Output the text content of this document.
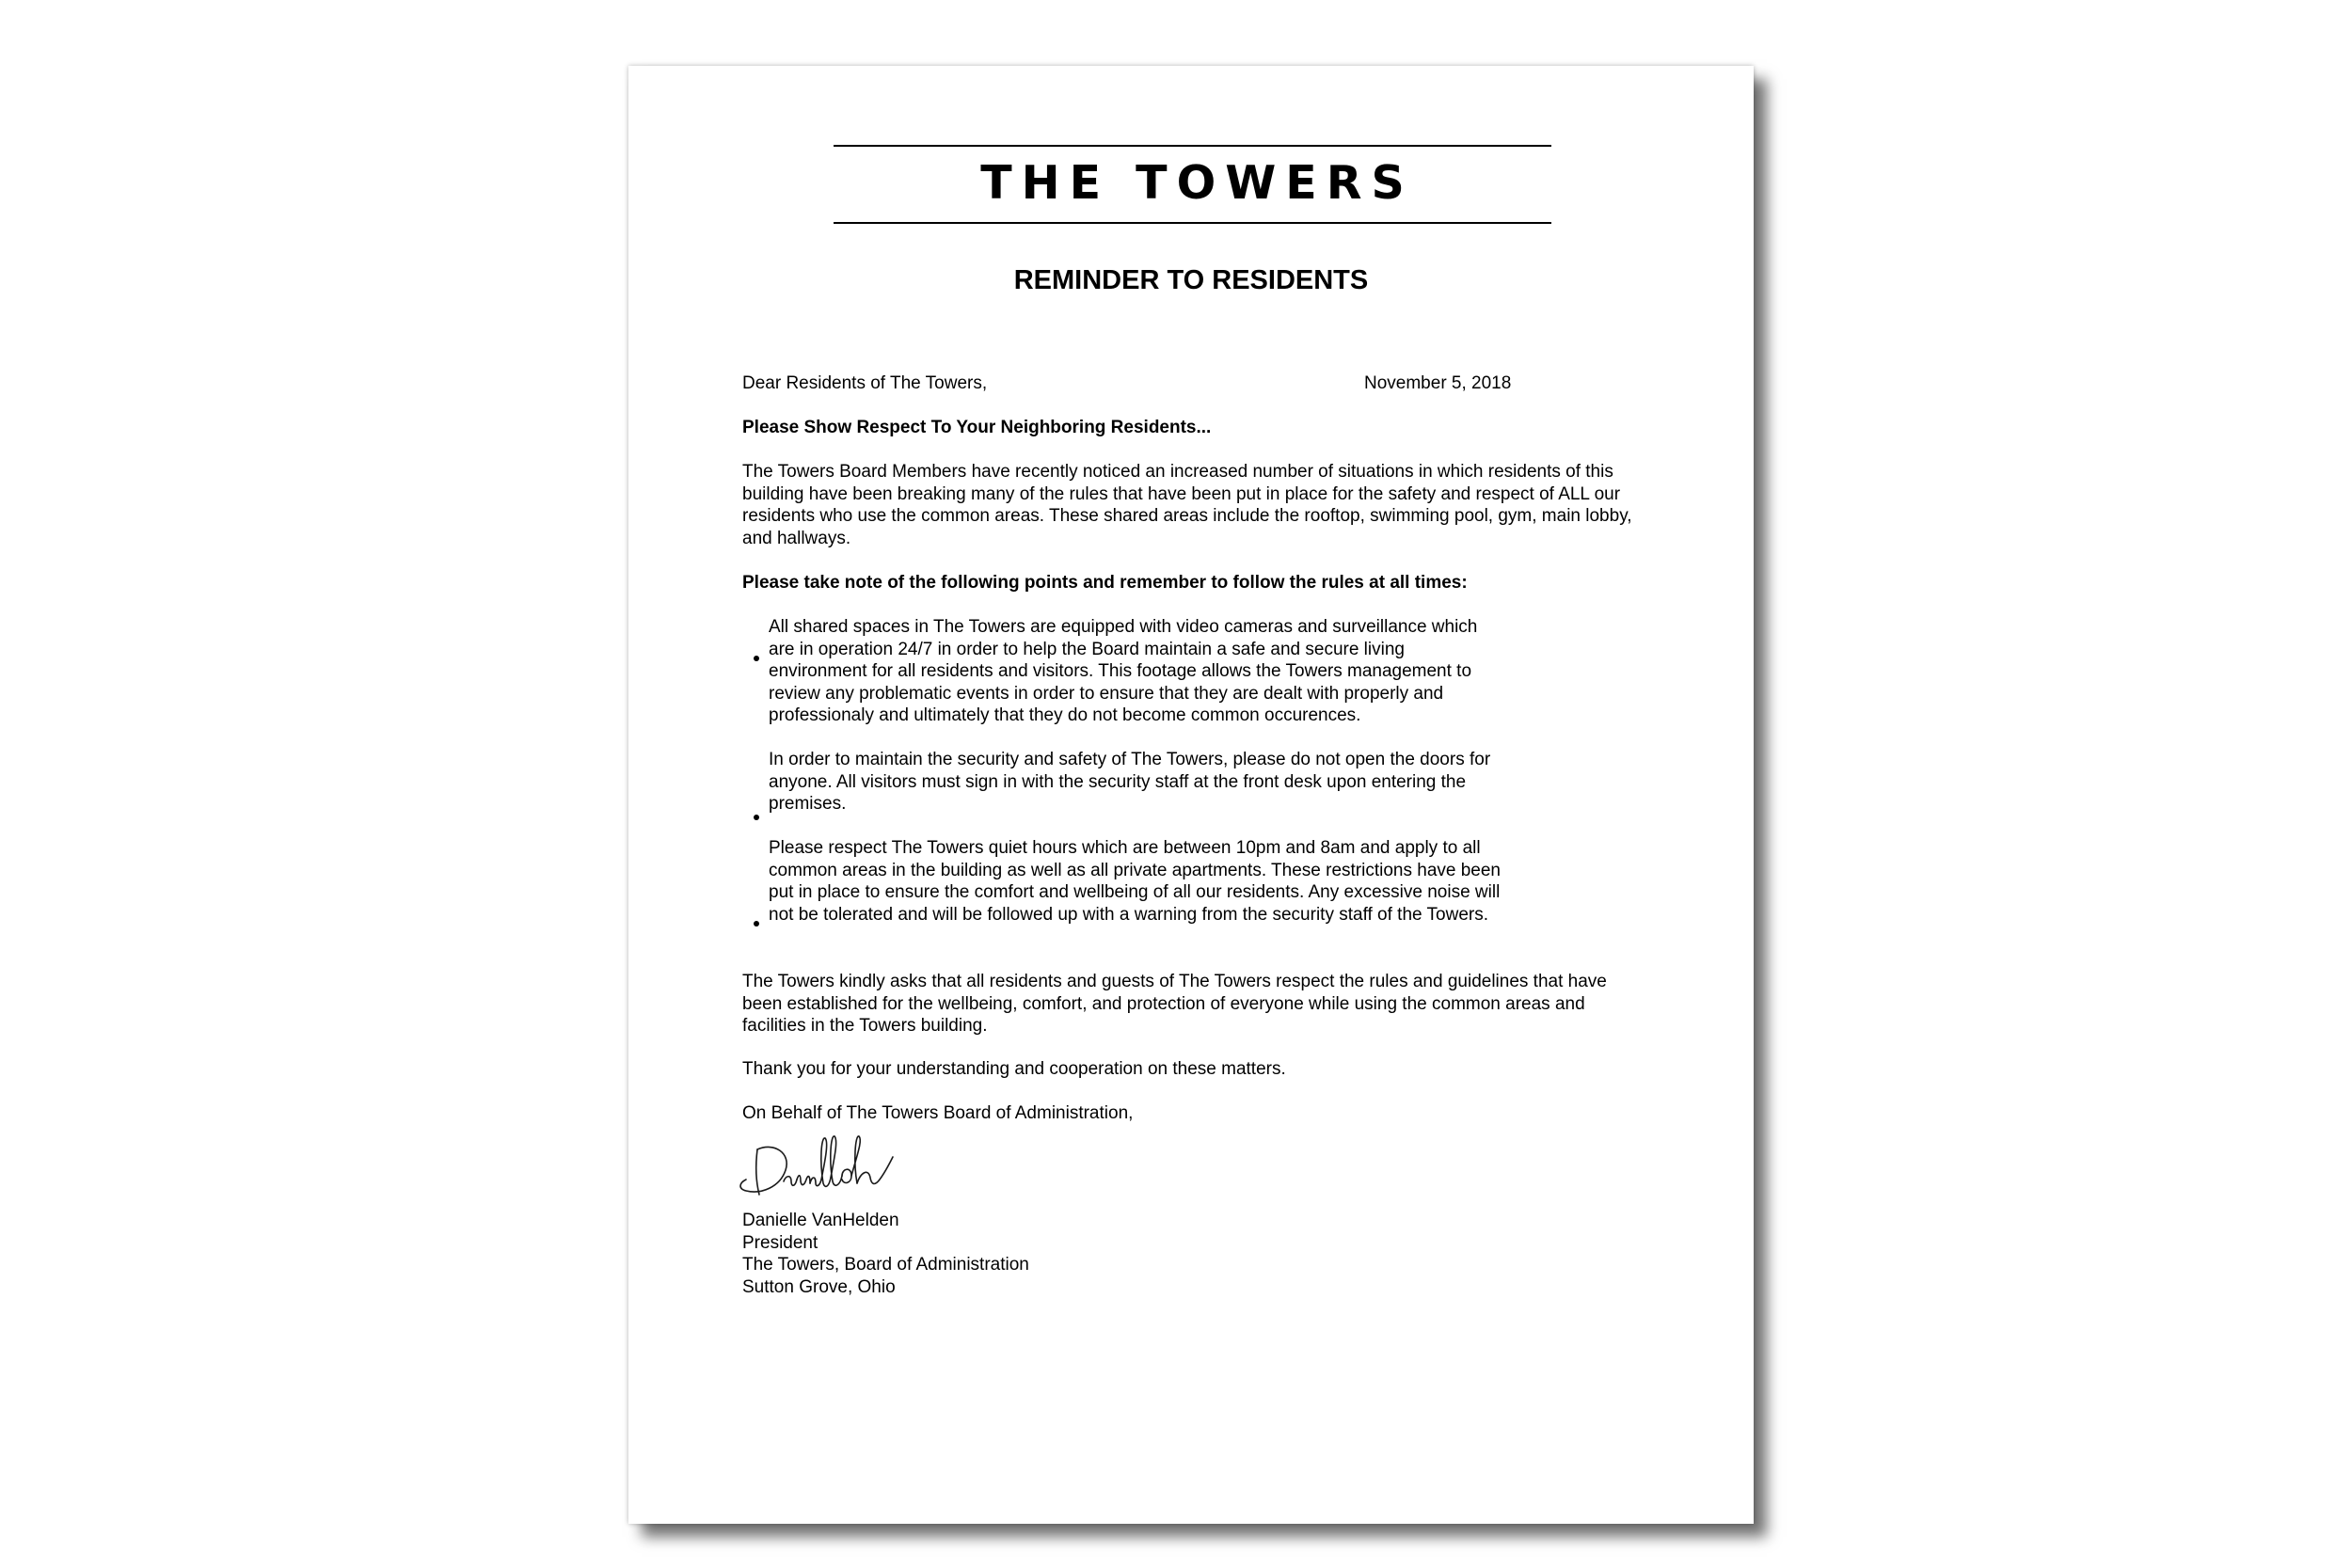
THE TOWERS
REMINDER TO RESIDENTS

Dear Residents of The Towers,	November 5, 2018

Please Show Respect To Your Neighboring Residents...

The Towers Board Members have recently noticed an increased number of situations in which residents of this building have been breaking many of the rules that have been put in place for the safety and respect of ALL our residents who use the common areas. These shared areas include the rooftop, swimming pool, gym, main lobby, and hallways.

Please take note of the following points and remember to follow the rules at all times:

All shared spaces in The Towers are equipped with video cameras and surveillance which are in operation 24/7 in order to help the Board maintain a safe and secure living environment for all residents and visitors. This footage allows the Towers management to review any problematic events in order to ensure that they are dealt with properly and professionaly and ultimately that they do not become common occurences.

In order to maintain the security and safety of The Towers, please do not open the doors for anyone. All visitors must sign in with the security staff at the front desk upon entering the premises.

Please respect The Towers quiet hours which are between 10pm and 8am and apply to all common areas in the building as well as all private apartments. These restrictions have been put in place to ensure the comfort and wellbeing of all our residents. Any excessive noise will not be tolerated and will be followed up with a warning from the security staff of the Towers.

The Towers kindly asks that all residents and guests of The Towers respect the rules and guidelines that have been established for the wellbeing, comfort, and protection of everyone while using the common areas and facilities in the Towers building.

Thank you for your understanding and cooperation on these matters.

On Behalf of The Towers Board of Administration,

Danielle VanHelden

President

The Towers, Board of Administration

Sutton Grove, Ohio
